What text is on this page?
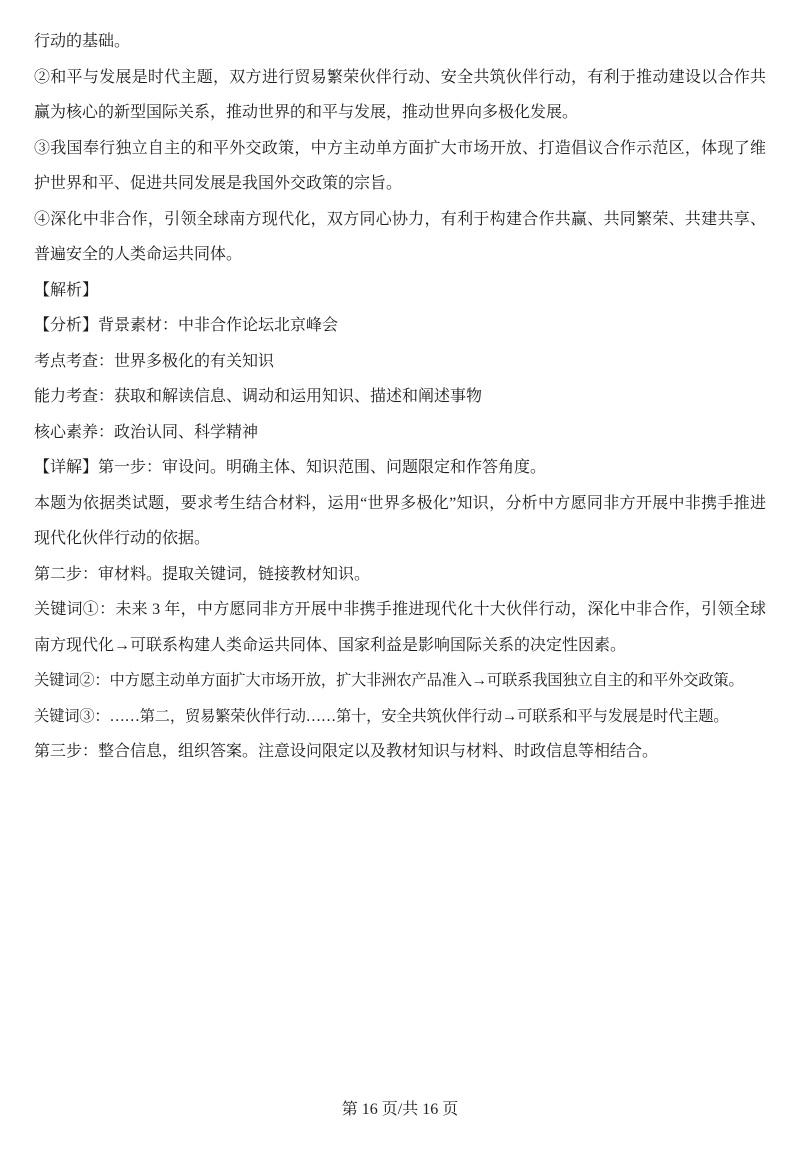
行动的基础。

②和平与发展是时代主题，双方进行贸易繁荣伙伴行动、安全共筑伙伴行动，有利于推动建设以合作共赢为核心的新型国际关系，推动世界的和平与发展，推动世界向多极化发展。

③我国奉行独立自主的和平外交政策，中方主动单方面扩大市场开放、打造倡议合作示范区，体现了维护世界和平、促进共同发展是我国外交政策的宗旨。

④深化中非合作，引领全球南方现代化，双方同心协力，有利于构建合作共赢、共同繁荣、共建共享、普遍安全的人类命运共同体。

【解析】

【分析】背景素材：中非合作论坛北京峰会

考点考查：世界多极化的有关知识

能力考查：获取和解读信息、调动和运用知识、描述和阐述事物

核心素养：政治认同、科学精神

【详解】第一步：审设问。明确主体、知识范围、问题限定和作答角度。

本题为依据类试题，要求考生结合材料，运用“世界多极化”知识，分析中方愿同非方开展中非携手推进现代化伙伴行动的依据。

第二步：审材料。提取关键词，链接教材知识。

关键词①：未来 3 年，中方愿同非方开展中非携手推进现代化十大伙伴行动，深化中非合作，引领全球南方现代化→可联系构建人类命运共同体、国家利益是影响国际关系的决定性因素。

关键词②：中方愿主动单方面扩大市场开放，扩大非洲农产品准入→可联系我国独立自主的和平外交政策。

关键词③：……第二，贸易繁荣伙伴行动……第十，安全共筑伙伴行动→可联系和平与发展是时代主题。

第三步：整合信息，组织答案。注意设问限定以及教材知识与材料、时政信息等相结合。

第 16 页/共 16 页
